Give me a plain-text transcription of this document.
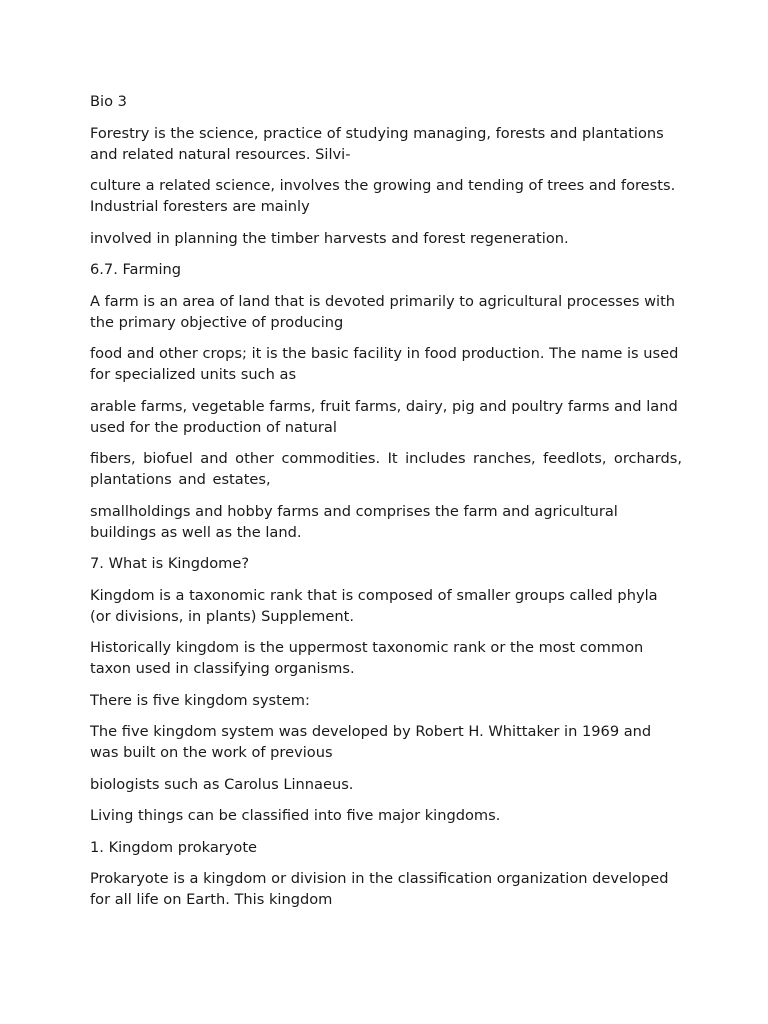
Bio 3

Forestry is the science, practice of studying managing, forests and plantations and related natural resources. Silvi-

culture a related science, involves the growing and tending of trees and forests. Industrial foresters are mainly

involved in planning the timber harvests and forest regeneration.

6.7. Farming

A farm is an area of land that is devoted primarily to agricultural processes with the primary objective of producing

food and other crops; it is the basic facility in food production. The name is used for specialized units such as

arable farms, vegetable farms, fruit farms, dairy, pig and poultry farms and land used for the production of natural

fibers, biofuel and other commodities. It includes ranches, feedlots, orchards, plantations and estates,

smallholdings and hobby farms and comprises the farm and agricultural buildings as well as the land.

7. What is Kingdome?

Kingdom is a taxonomic rank that is composed of smaller groups called phyla (or divisions, in plants) Supplement.

Historically kingdom is the uppermost taxonomic rank or the most common taxon used in classifying organisms.

There is five kingdom system:

The five kingdom system was developed by Robert H. Whittaker in 1969 and was built on the work of previous

biologists such as Carolus Linnaeus.

Living things can be classified into five major kingdoms.

1. Kingdom prokaryote

Prokaryote is a kingdom or division in the classification organization developed for all life on Earth. This kingdom
